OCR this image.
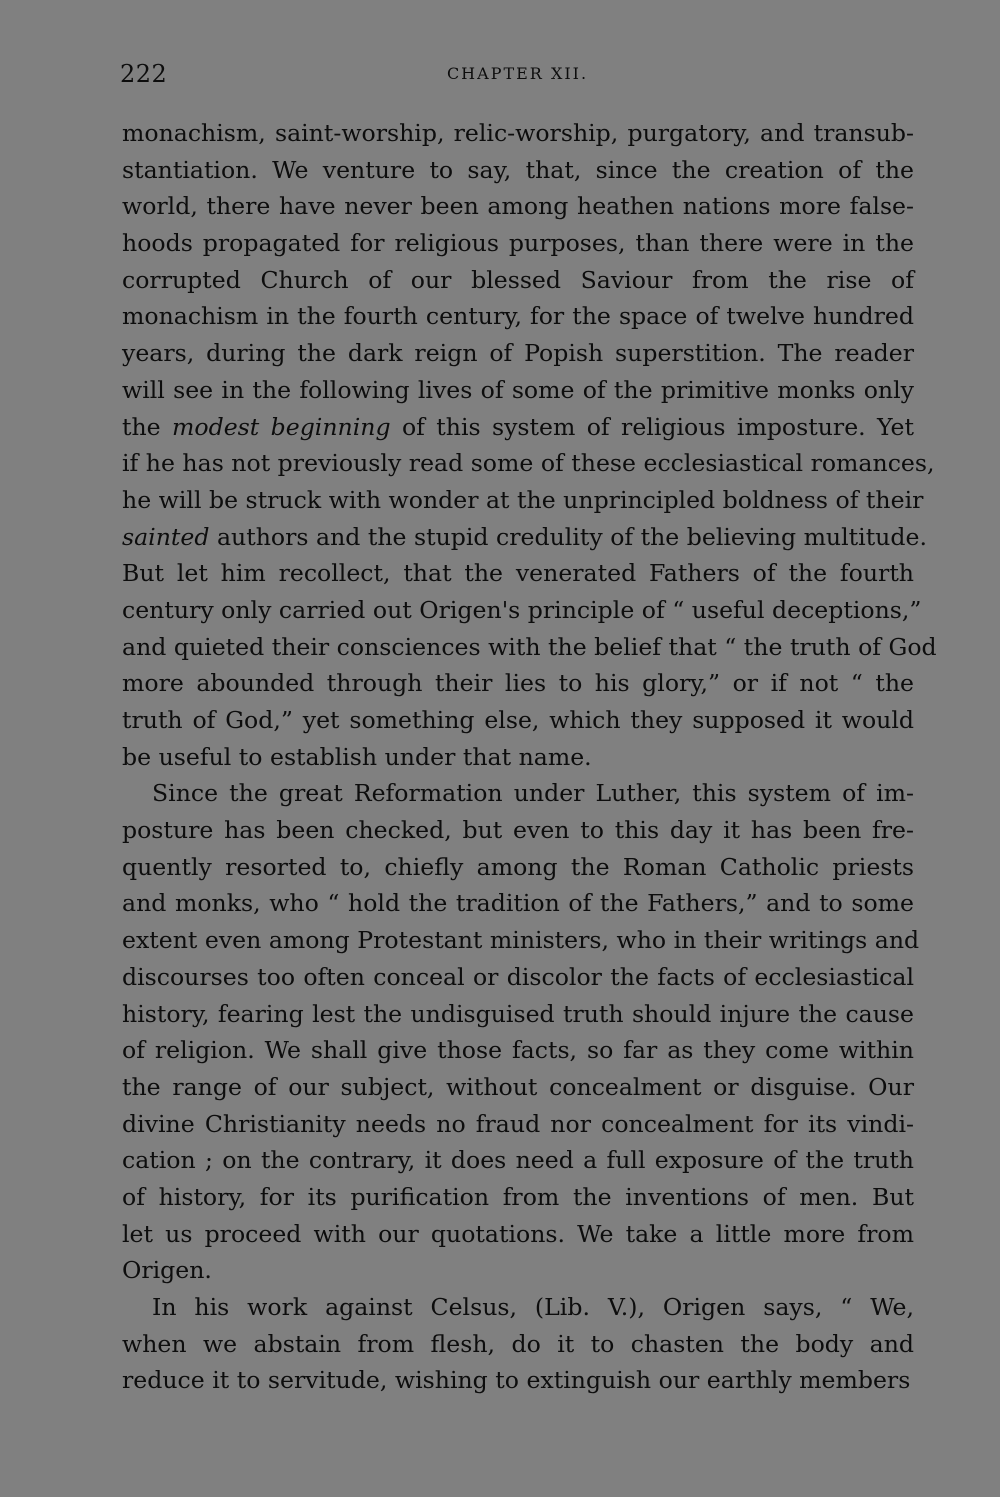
222	CHAPTER XII.
monachism, saint-worship, relic-worship, purgatory, and transub-
stantiation. We venture to say, that, since the creation of the
world, there have never been among heathen nations more false-
hoods propagated for religious purposes, than there were in the
corrupted Church of our blessed Saviour from the rise of
monachism in the fourth century, for the space of twelve hundred
years, during the dark reign of Popish superstition. The reader
will see in the following lives of some of the primitive monks only
the modest beginning of this system of religious imposture. Yet
if he has not previously read some of these ecclesiastical romances,
he will be struck with wonder at the unprincipled boldness of their
sainted authors and the stupid credulity of the believing multitude.
But let him recollect, that the venerated Fathers of the fourth
century only carried out Origen's principle of “ useful deceptions,”
and quieted their consciences with the belief that “ the truth of God
more abounded through their lies to his glory,” or if not “ the
truth of God,” yet something else, which they supposed it would
be useful to establish under that name.
Since the great Reformation under Luther, this system of im-
posture has been checked, but even to this day it has been fre-
quently resorted to, chiefly among the Roman Catholic priests
and monks, who “ hold the tradition of the Fathers,” and to some
extent even among Protestant ministers, who in their writings and
discourses too often conceal or discolor the facts of ecclesiastical
history, fearing lest the undisguised truth should injure the cause
of religion. We shall give those facts, so far as they come within
the range of our subject, without concealment or disguise. Our
divine Christianity needs no fraud nor concealment for its vindi-
cation ; on the contrary, it does need a full exposure of the truth
of history, for its purification from the inventions of men. But
let us proceed with our quotations. We take a little more from
Origen.
In his work against Celsus, (Lib. V.), Origen says, “ We,
when we abstain from flesh, do it to chasten the body and
reduce it to servitude, wishing to extinguish our earthly members
